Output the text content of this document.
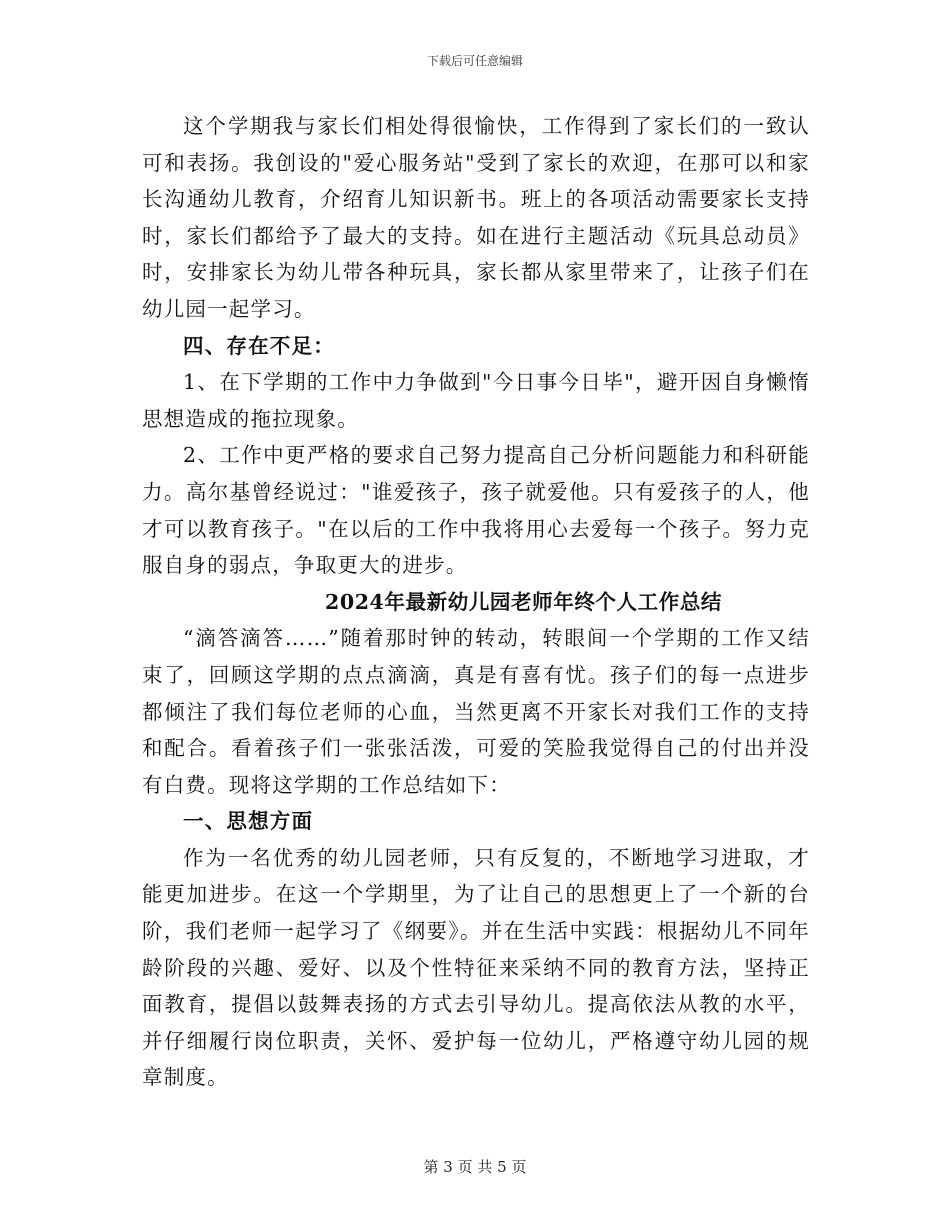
下载后可任意编辑

这个学期我与家长们相处得很愉快，工作得到了家长们的一致认可和表扬。我创设的"爱心服务站"受到了家长的欢迎，在那可以和家长沟通幼儿教育，介绍育儿知识新书。班上的各项活动需要家长支持时，家长们都给予了最大的支持。如在进行主题活动《玩具总动员》时，安排家长为幼儿带各种玩具，家长都从家里带来了，让孩子们在幼儿园一起学习。

四、存在不足：

1、在下学期的工作中力争做到"今日事今日毕"，避开因自身懒惰思想造成的拖拉现象。

2、工作中更严格的要求自己努力提高自己分析问题能力和科研能力。高尔基曾经说过："谁爱孩子，孩子就爱他。只有爱孩子的人，他才可以教育孩子。"在以后的工作中我将用心去爱每一个孩子。努力克服自身的弱点，争取更大的进步。

2024年最新幼儿园老师年终个人工作总结

“滴答滴答……”随着那时钟的转动，转眼间一个学期的工作又结束了，回顾这学期的点点滴滴，真是有喜有忧。孩子们的每一点进步都倾注了我们每位老师的心血，当然更离不开家长对我们工作的支持和配合。看着孩子们一张张活泼，可爱的笑脸我觉得自己的付出并没有白费。现将这学期的工作总结如下：

一、思想方面

作为一名优秀的幼儿园老师，只有反复的，不断地学习进取，才能更加进步。在这一个学期里，为了让自己的思想更上了一个新的台阶，我们老师一起学习了《纲要》。并在生活中实践：根据幼儿不同年龄阶段的兴趣、爱好、以及个性特征来采纳不同的教育方法，坚持正面教育，提倡以鼓舞表扬的方式去引导幼儿。提高依法从教的水平，并仔细履行岗位职责，关怀、爱护每一位幼儿，严格遵守幼儿园的规章制度。

第 3 页 共 5 页
